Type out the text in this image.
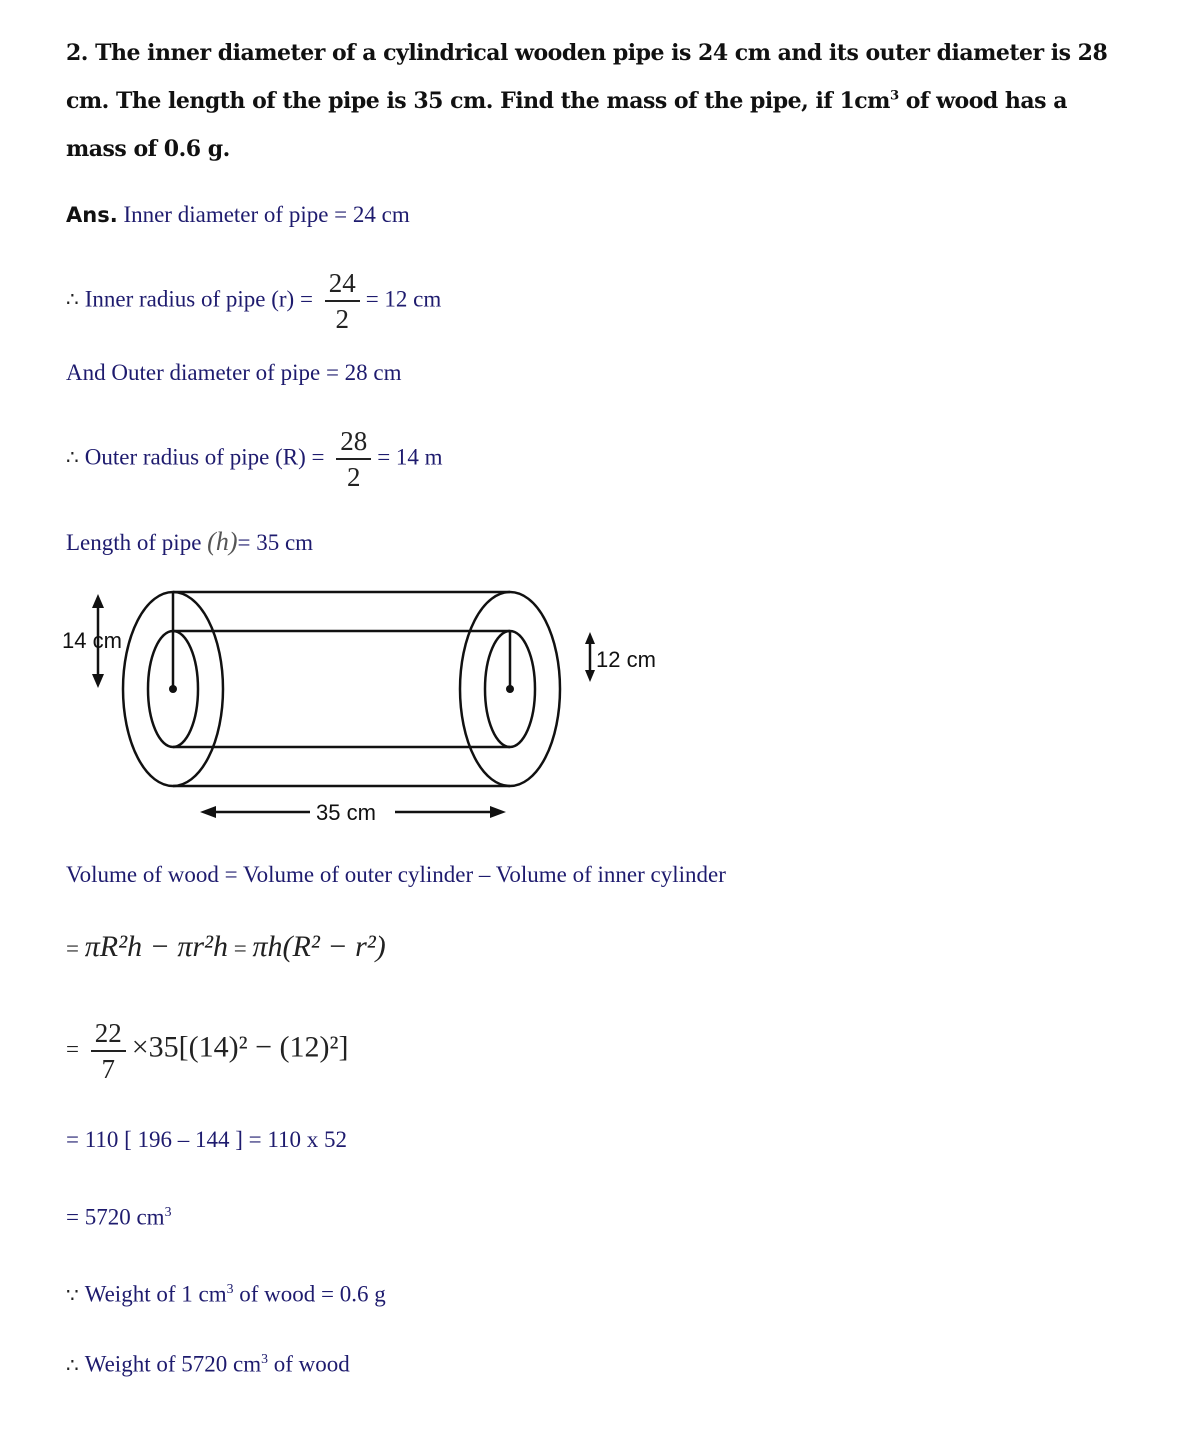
2. The inner diameter of a cylindrical wooden pipe is 24 cm and its outer diameter is 28
cm. The length of the pipe is 35 cm. Find the mass of the pipe, if $1cm^3$ of wood has a
mass of 0.6 g.
Ans. Inner diameter of pipe = 24 cm
∴ Inner radius of pipe $(r) = \frac{24}{2} = 12$ cm
And Outer diameter of pipe = 28 cm
∴ Outer radius of pipe $(R) = \frac{28}{2} = 14$ m
Length of pipe (h)= 35 cm
14 cm
12 cm
35 cm
Volume of wood = Volume of outer cylinder – Volume of inner cylinder
= πR²h − πr²h = πh(R² − r²)
= $\frac{22}{7} \times 35[(14)^2 - (12)^2]$
= 110 [ 196 – 144 ] = 110 x 52
= 5720 $cm^3$
∵ Weight of 1 $cm^3$ of wood = 0.6 g
∴ Weight of 5720 $cm^3$ of wood
